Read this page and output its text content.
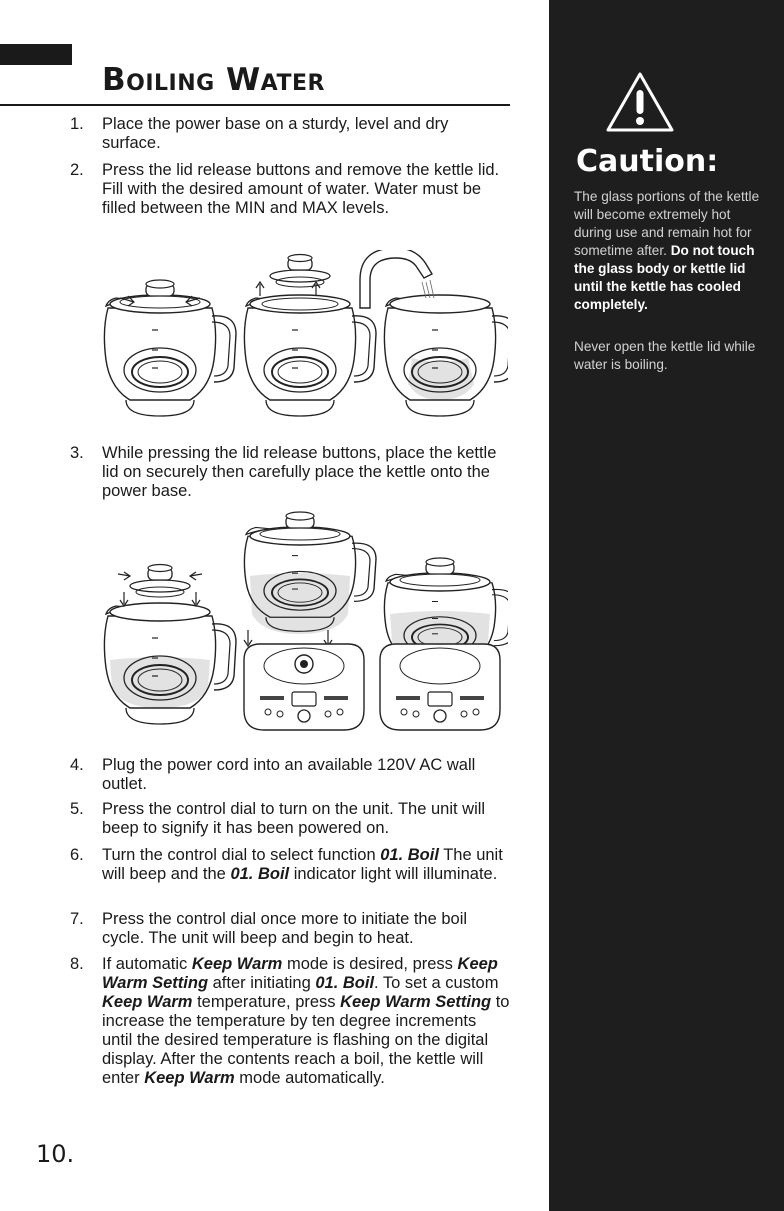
Boiling Water
1.	Place the power base on a sturdy, level and dry surface.
2.	Press the lid release buttons and remove the kettle lid. Fill with the desired amount of water. Water must be filled between the MIN and MAX levels.
3.	While pressing the lid release buttons, place the kettle lid on securely then carefully place the kettle onto the power base.
4.	Plug the power cord into an available 120V AC wall outlet.
5.	Press the control dial to turn on the unit. The unit will beep to signify it has been powered on.
6.	Turn the control dial to select function 01. Boil The unit will beep and the 01. Boil indicator light will illuminate.
7.	Press the control dial once more to initiate the boil cycle. The unit will beep and begin to heat.
8.	If automatic Keep Warm mode is desired, press Keep Warm Setting after initiating 01. Boil. To set a custom Keep Warm temperature, press Keep Warm Setting to increase the temperature by ten degree increments until the desired temperature is flashing on the digital display. After the contents reach a boil, the kettle will enter Keep Warm mode automatically.
10.
Caution:
The glass portions of the kettle will become extremely hot during use and remain hot for sometime after. Do not touch the glass body or kettle lid until the kettle has cooled completely.
Never open the kettle lid while water is boiling.
